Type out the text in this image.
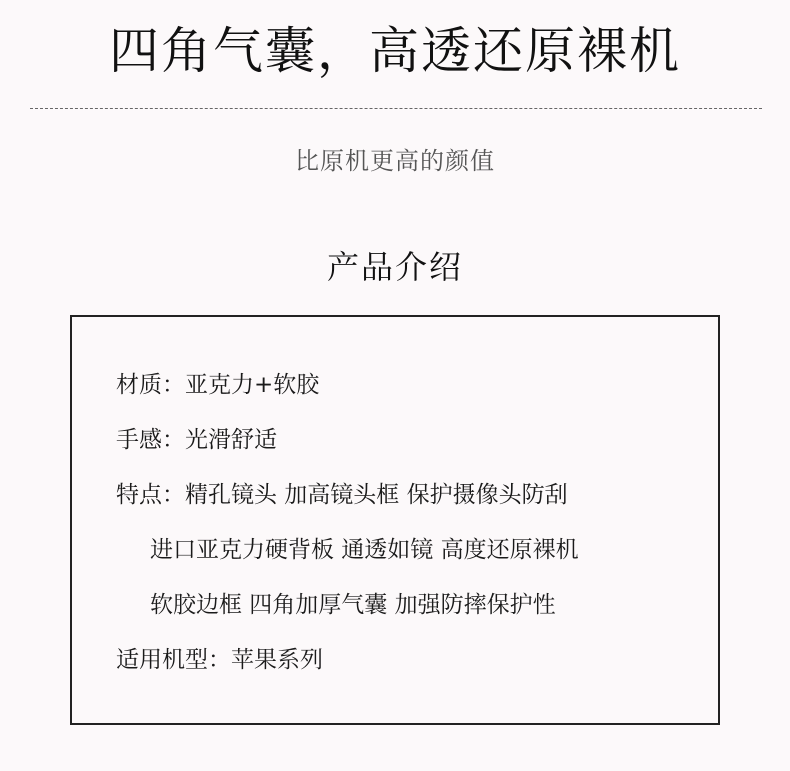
四角气囊，高透还原裸机
比原机更高的颜值
产品介绍
材质：亚克力+软胶
手感：光滑舒适
特点：精孔镜头 加高镜头框 保护摄像头防刮
进口亚克力硬背板 通透如镜 高度还原裸机
软胶边框 四角加厚气囊 加强防摔保护性
适用机型：苹果系列
